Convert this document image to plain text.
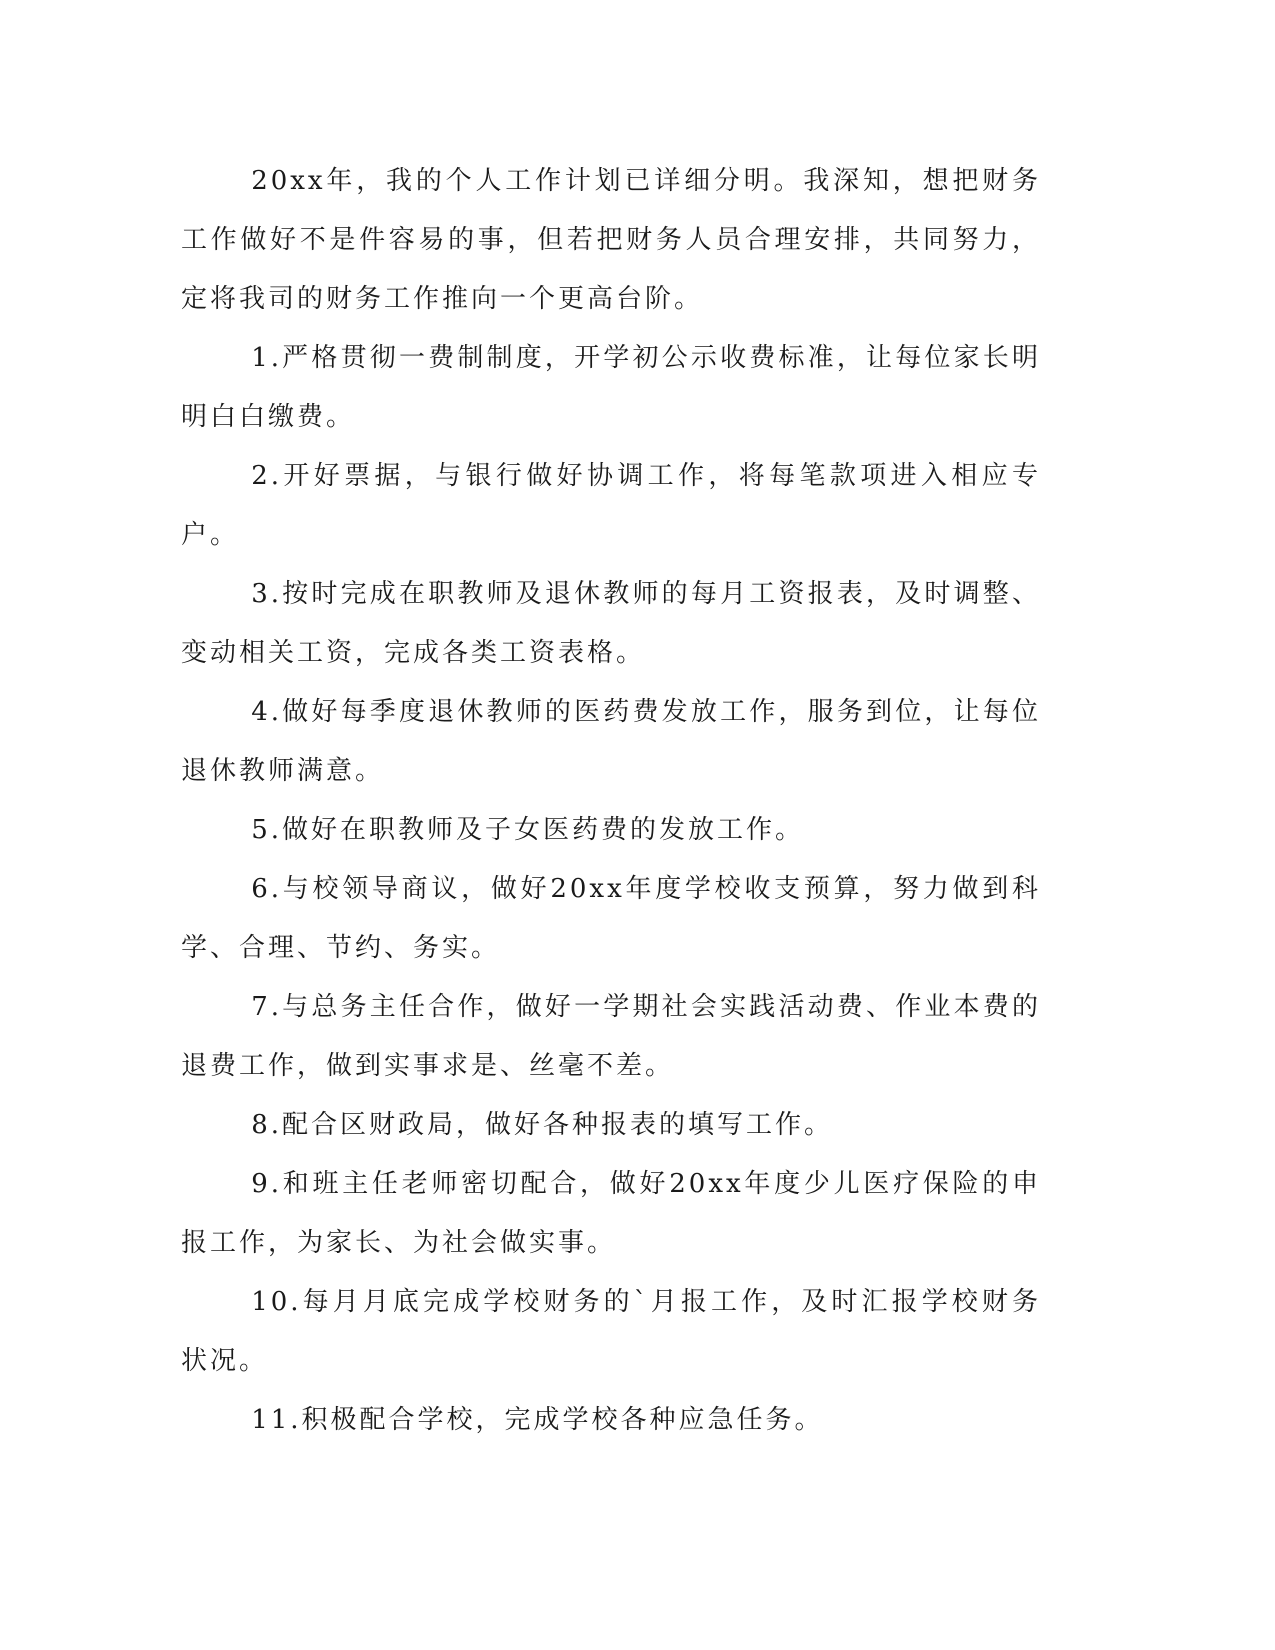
20xx年，我的个人工作计划已详细分明。我深知，想把财务工作做好不是件容易的事，但若把财务人员合理安排，共同努力，定将我司的财务工作推向一个更高台阶。

1.严格贯彻一费制制度，开学初公示收费标准，让每位家长明明白白缴费。

2.开好票据，与银行做好协调工作，将每笔款项进入相应专户。

3.按时完成在职教师及退休教师的每月工资报表，及时调整、变动相关工资，完成各类工资表格。

4.做好每季度退休教师的医药费发放工作，服务到位，让每位退休教师满意。

5.做好在职教师及子女医药费的发放工作。

6.与校领导商议，做好20xx年度学校收支预算，努力做到科学、合理、节约、务实。

7.与总务主任合作，做好一学期社会实践活动费、作业本费的退费工作，做到实事求是、丝毫不差。

8.配合区财政局，做好各种报表的填写工作。

9.和班主任老师密切配合，做好20xx年度少儿医疗保险的申报工作，为家长、为社会做实事。

10.每月月底完成学校财务的`月报工作，及时汇报学校财务状况。

11.积极配合学校，完成学校各种应急任务。
